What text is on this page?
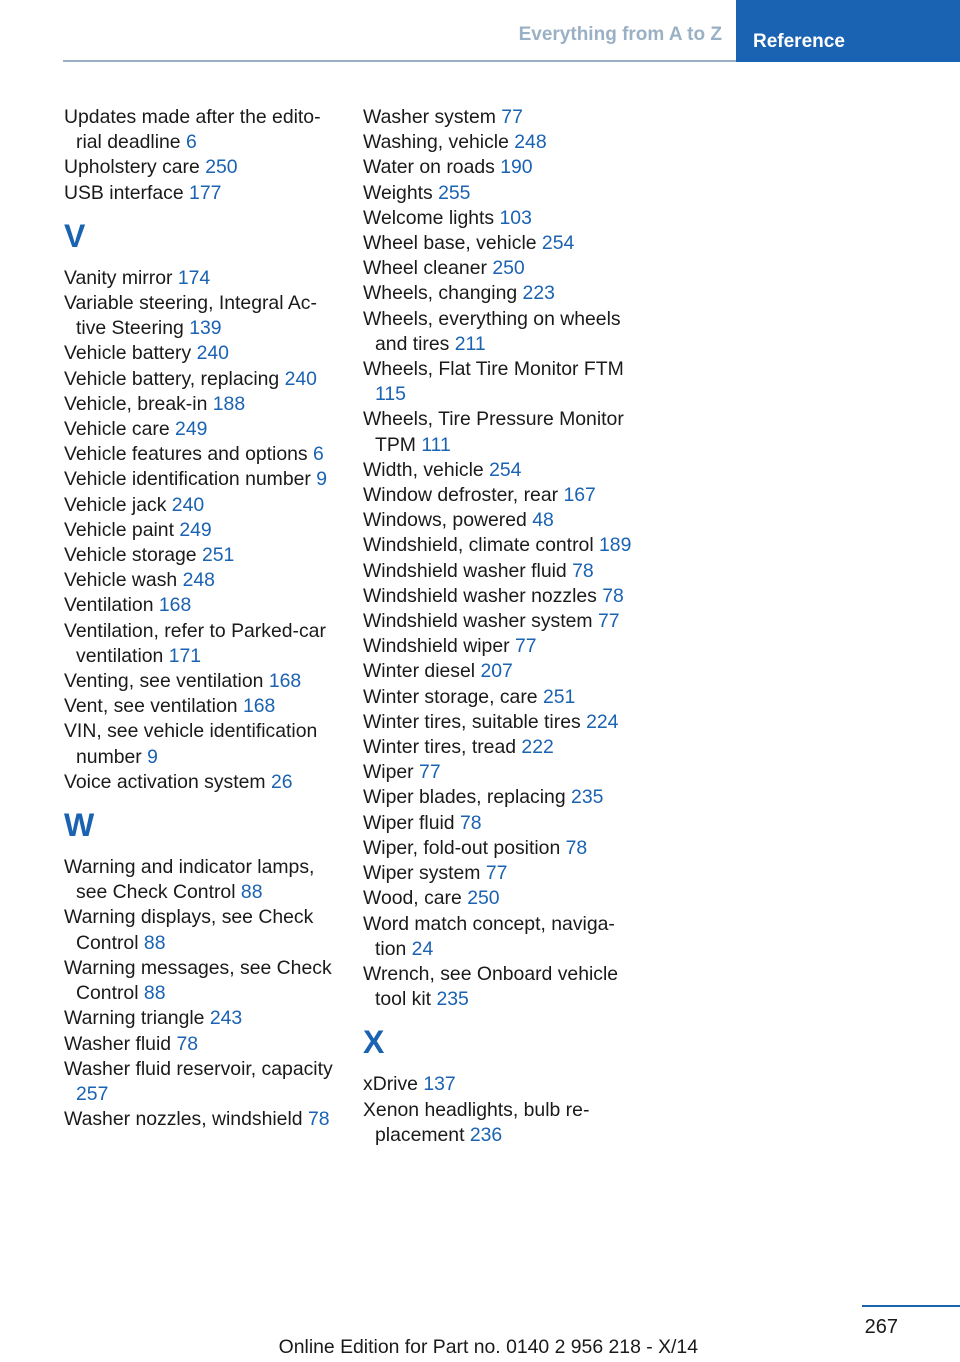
Everything from A to Z	Reference
Updates made after the editorial deadline 6
Upholstery care 250
USB interface 177
V
Vanity mirror 174
Variable steering, Integral Active Steering 139
Vehicle battery 240
Vehicle battery, replacing 240
Vehicle, break-in 188
Vehicle care 249
Vehicle features and options 6
Vehicle identification number 9
Vehicle jack 240
Vehicle paint 249
Vehicle storage 251
Vehicle wash 248
Ventilation 168
Ventilation, refer to Parked-car ventilation 171
Venting, see ventilation 168
Vent, see ventilation 168
VIN, see vehicle identification number 9
Voice activation system 26
W
Warning and indicator lamps, see Check Control 88
Warning displays, see Check Control 88
Warning messages, see Check Control 88
Warning triangle 243
Washer fluid 78
Washer fluid reservoir, capacity 257
Washer nozzles, windshield 78
Washer system 77
Washing, vehicle 248
Water on roads 190
Weights 255
Welcome lights 103
Wheel base, vehicle 254
Wheel cleaner 250
Wheels, changing 223
Wheels, everything on wheels and tires 211
Wheels, Flat Tire Monitor FTM 115
Wheels, Tire Pressure Monitor TPM 111
Width, vehicle 254
Window defroster, rear 167
Windows, powered 48
Windshield, climate control 189
Windshield washer fluid 78
Windshield washer nozzles 78
Windshield washer system 77
Windshield wiper 77
Winter diesel 207
Winter storage, care 251
Winter tires, suitable tires 224
Winter tires, tread 222
Wiper 77
Wiper blades, replacing 235
Wiper fluid 78
Wiper, fold-out position 78
Wiper system 77
Wood, care 250
Word match concept, navigation 24
Wrench, see Onboard vehicle tool kit 235
X
xDrive 137
Xenon headlights, bulb replacement 236
267
Online Edition for Part no. 0140 2 956 218 - X/14
